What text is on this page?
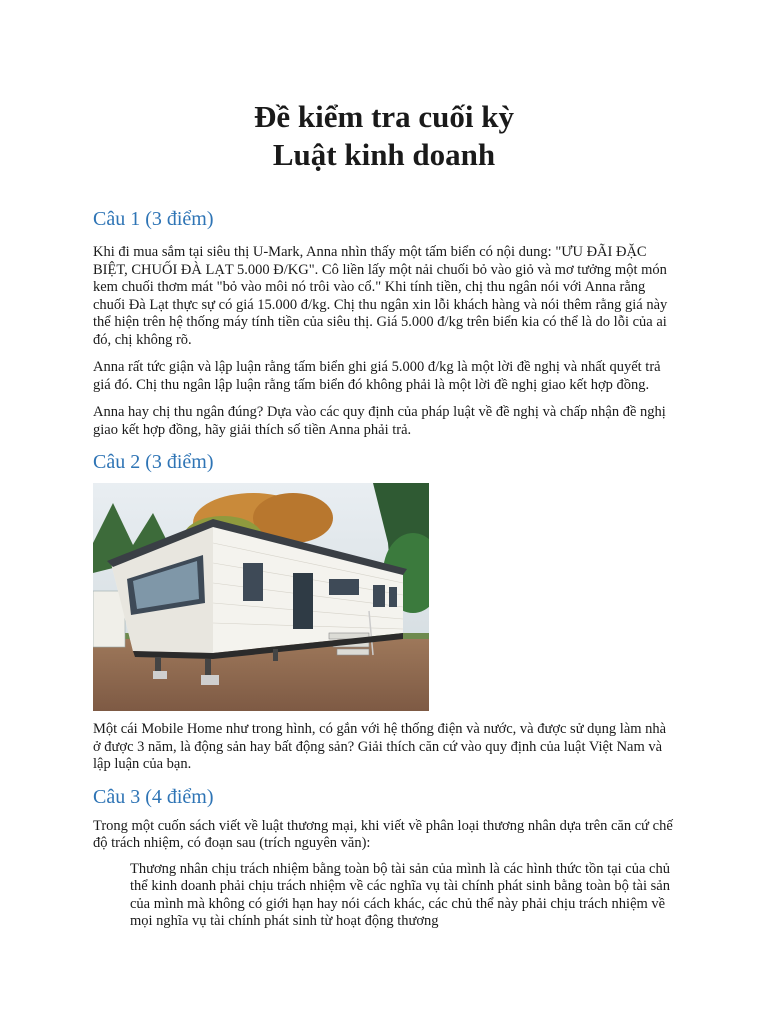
Đề kiểm tra cuối kỳ
Luật kinh doanh
Câu 1 (3 điểm)

Khi đi mua sắm tại siêu thị U-Mark, Anna nhìn thấy một tấm biển có nội dung: "ƯU ĐÃI ĐẶC BIỆT, CHUỐI ĐÀ LẠT 5.000 Đ/KG". Cô liền lấy một nải chuối bỏ vào giỏ và mơ tưởng một món kem chuối thơm mát "bỏ vào môi nó trôi vào cổ." Khi tính tiền, chị thu ngân nói với Anna rằng chuối Đà Lạt thực sự có giá 15.000 đ/kg. Chị thu ngân xin lỗi khách hàng và nói thêm rằng giá này thể hiện trên hệ thống máy tính tiền của siêu thị. Giá 5.000 đ/kg trên biển kia có thể là do lỗi của ai đó, chị không rõ.

Anna rất tức giận và lập luận rằng tấm biển ghi giá 5.000 đ/kg là một lời đề nghị và nhất quyết trả giá đó. Chị thu ngân lập luận rằng tấm biển đó không phải là một lời đề nghị giao kết hợp đồng.

Anna hay chị thu ngân đúng? Dựa vào các quy định của pháp luật về đề nghị và chấp nhận đề nghị giao kết hợp đồng, hãy giải thích số tiền Anna phải trả.

Câu 2 (3 điểm)

Một cái Mobile Home như trong hình, có gắn với hệ thống điện và nước, và được sử dụng làm nhà ở được 3 năm, là động sản hay bất động sản? Giải thích căn cứ vào quy định của luật Việt Nam và lập luận của bạn.

Câu 3 (4 điểm)

Trong một cuốn sách viết về luật thương mại, khi viết về phân loại thương nhân dựa trên căn cứ chế độ trách nhiệm, có đoạn sau (trích nguyên văn):

Thương nhân chịu trách nhiệm bằng toàn bộ tài sản của mình là các hình thức tồn tại của chủ thể kinh doanh phải chịu trách nhiệm về các nghĩa vụ tài chính phát sinh bằng toàn bộ tài sản của mình mà không có giới hạn hay nói cách khác, các chủ thể này phải chịu trách nhiệm về mọi nghĩa vụ tài chính phát sinh từ hoạt động thương
